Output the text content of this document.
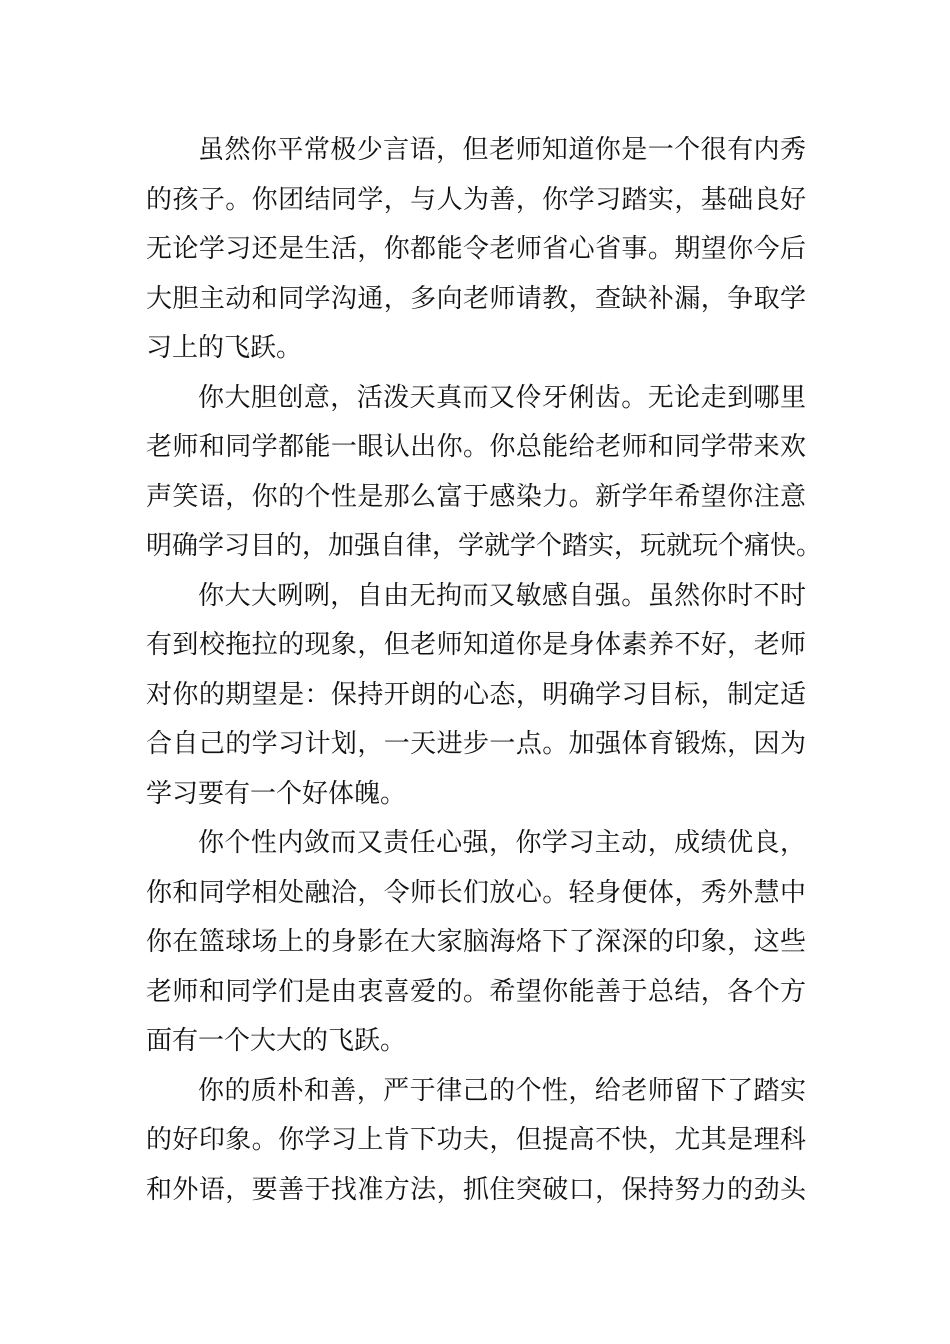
虽然你平常极少言语，但老师知道你是一个很有内秀
的孩子。你团结同学，与人为善，你学习踏实，基础良好
无论学习还是生活，你都能令老师省心省事。期望你今后
大胆主动和同学沟通，多向老师请教，查缺补漏，争取学
习上的飞跃。
你大胆创意，活泼天真而又伶牙俐齿。无论走到哪里
老师和同学都能一眼认出你。你总能给老师和同学带来欢
声笑语，你的个性是那么富于感染力。新学年希望你注意
明确学习目的，加强自律，学就学个踏实，玩就玩个痛快。
你大大咧咧，自由无拘而又敏感自强。虽然你时不时
有到校拖拉的现象，但老师知道你是身体素养不好，老师
对你的期望是：保持开朗的心态，明确学习目标，制定适
合自己的学习计划，一天进步一点。加强体育锻炼，因为
学习要有一个好体魄。
你个性内敛而又责任心强，你学习主动，成绩优良，
你和同学相处融洽，令师长们放心。轻身便体，秀外慧中
你在篮球场上的身影在大家脑海烙下了深深的印象，这些
老师和同学们是由衷喜爱的。希望你能善于总结，各个方
面有一个大大的飞跃。
你的质朴和善，严于律己的个性，给老师留下了踏实
的好印象。你学习上肯下功夫，但提高不快，尤其是理科
和外语，要善于找准方法，抓住突破口，保持努力的劲头
